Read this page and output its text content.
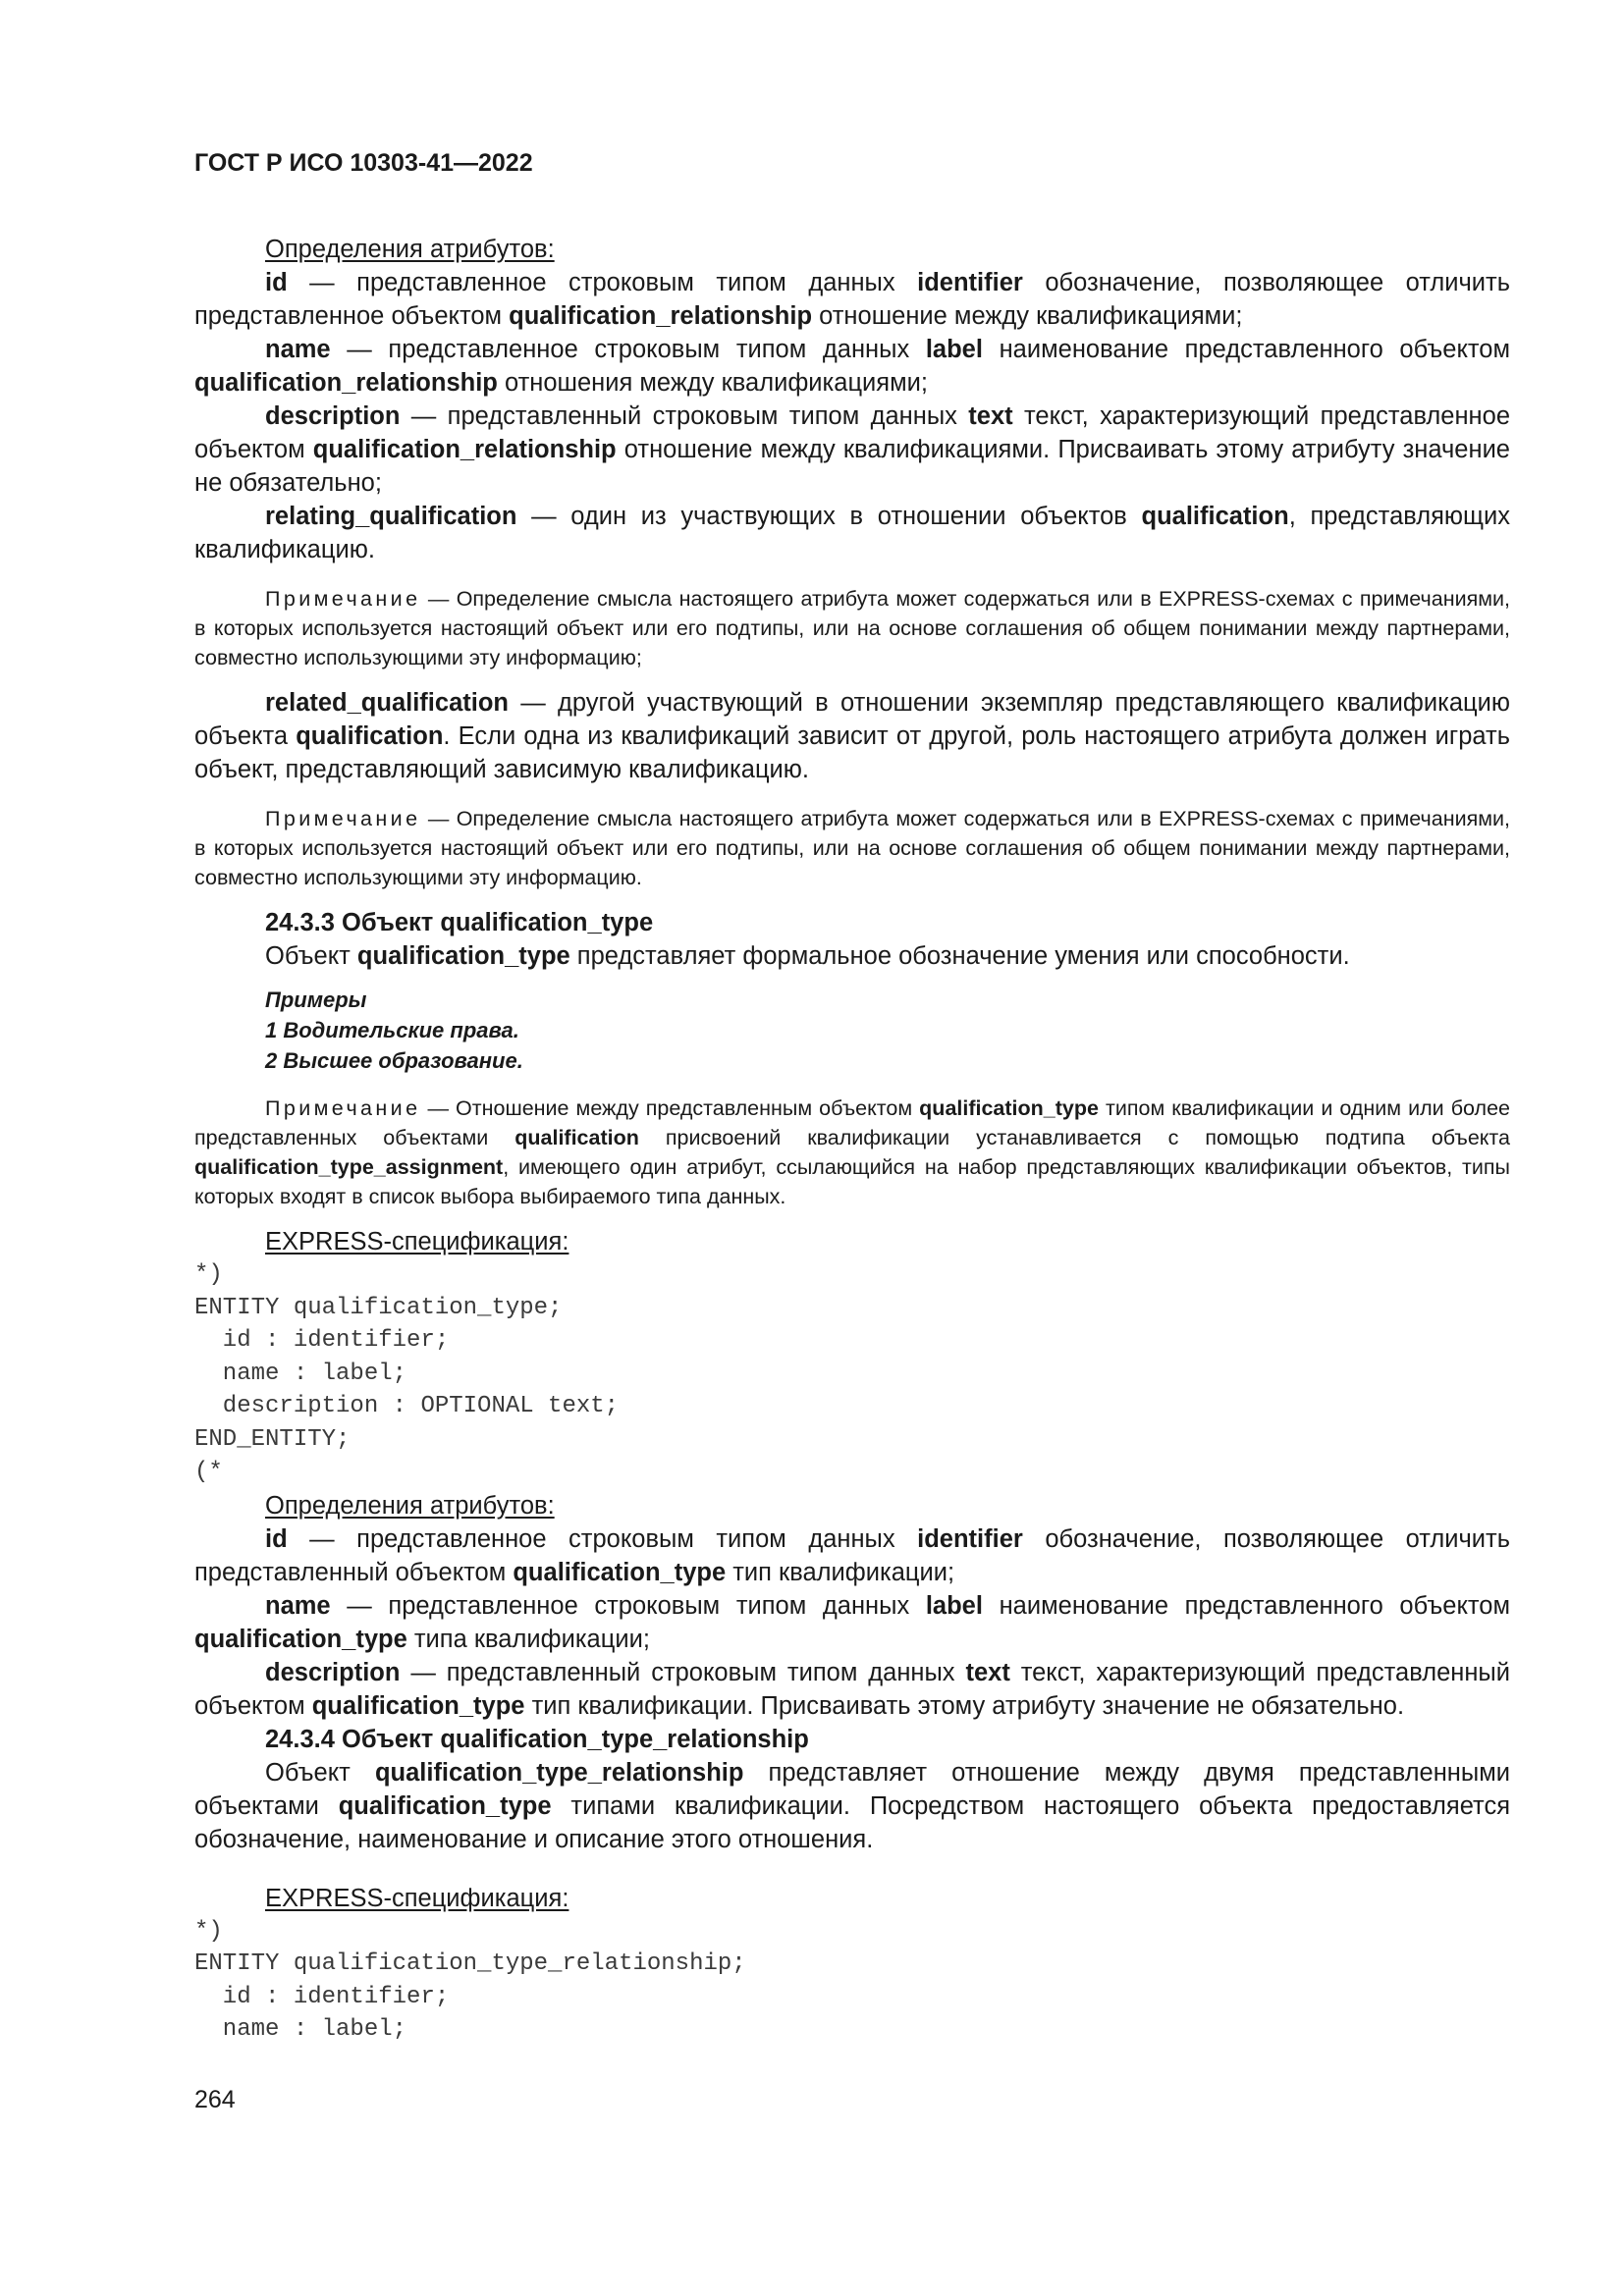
ГОСТ Р ИСО 10303-41—2022

Определения атрибутов:

id — представленное строковым типом данных identifier обозначение, позволяющее отличить представленное объектом qualification_relationship отношение между квалификациями;

name — представленное строковым типом данных label наименование представленного объектом qualification_relationship отношения между квалификациями;

description — представленный строковым типом данных text текст, характеризующий представленное объектом qualification_relationship отношение между квалификациями. Присваивать этому атрибуту значение не обязательно;

relating_qualification — один из участвующих в отношении объектов qualification, представляющих квалификацию.

Примечание — Определение смысла настоящего атрибута может содержаться или в EXPRESS-схемах с примечаниями, в которых используется настоящий объект или его подтипы, или на основе соглашения об общем понимании между партнерами, совместно использующими эту информацию;

related_qualification — другой участвующий в отношении экземпляр представляющего квалификацию объекта qualification. Если одна из квалификаций зависит от другой, роль настоящего атрибута должен играть объект, представляющий зависимую квалификацию.

Примечание — Определение смысла настоящего атрибута может содержаться или в EXPRESS-схемах с примечаниями, в которых используется настоящий объект или его подтипы, или на основе соглашения об общем понимании между партнерами, совместно использующими эту информацию.

24.3.3 Объект qualification_type

Объект qualification_type представляет формальное обозначение умения или способности.

Примеры

1 Водительские права.

2 Высшее образование.

Примечание — Отношение между представленным объектом qualification_type типом квалификации и одним или более представленных объектами qualification присвоений квалификации устанавливается с помощью подтипа объекта qualification_type_assignment, имеющего один атрибут, ссылающийся на набор представляющих квалификации объектов, типы которых входят в список выбора выбираемого типа данных.

EXPRESS-спецификация:

*)
ENTITY qualification_type;
id : identifier;
name : label;
description : OPTIONAL text;
END_ENTITY;
(*

Определения атрибутов:

id — представленное строковым типом данных identifier обозначение, позволяющее отличить представленный объектом qualification_type тип квалификации;

name — представленное строковым типом данных label наименование представленного объектом qualification_type типа квалификации;

description — представленный строковым типом данных text текст, характеризующий представленный объектом qualification_type тип квалификации. Присваивать этому атрибуту значение не обязательно.

24.3.4 Объект qualification_type_relationship

Объект qualification_type_relationship представляет отношение между двумя представленными объектами qualification_type типами квалификации. Посредством настоящего объекта предоставляется обозначение, наименование и описание этого отношения.

EXPRESS-спецификация:

*)
ENTITY qualification_type_relationship;
id : identifier;
name : label;
264
